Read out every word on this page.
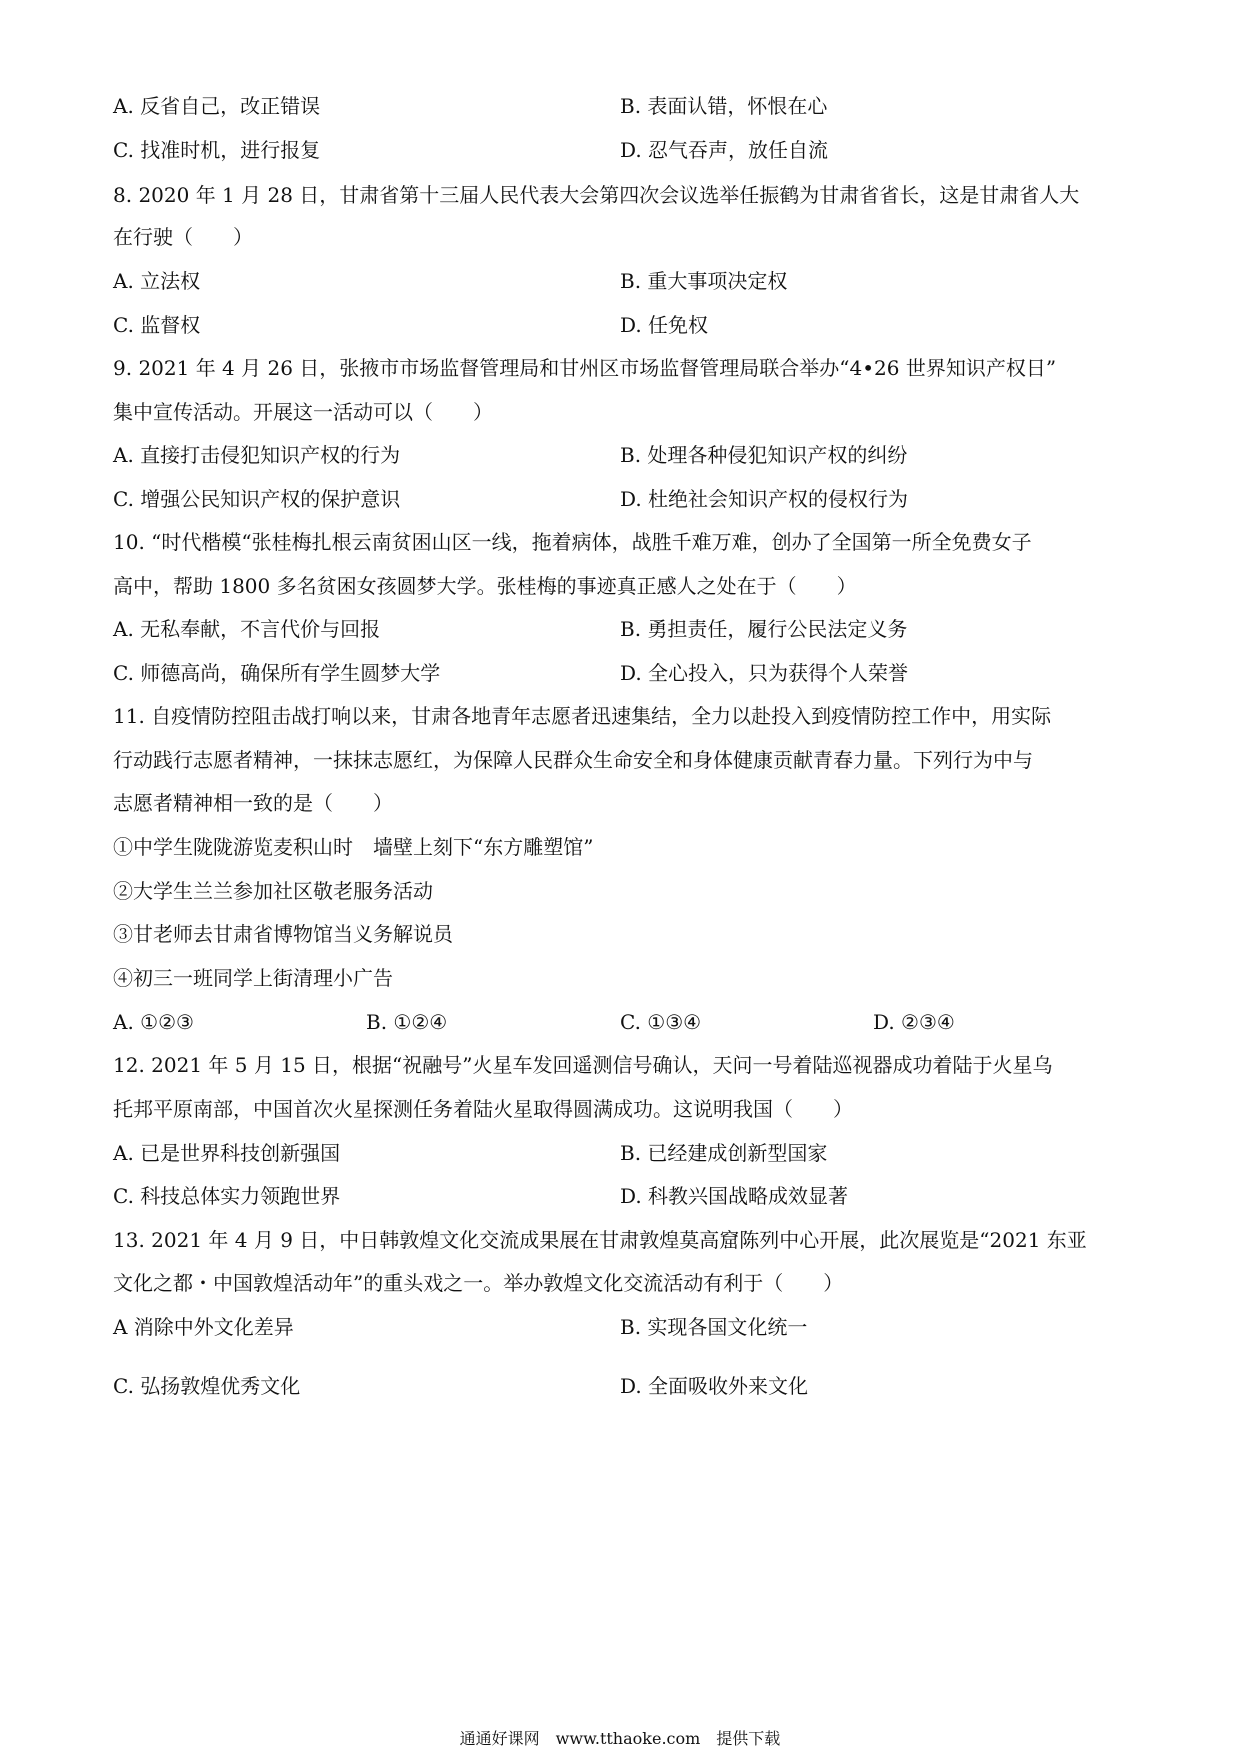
A. 反省自己，改正错误	B. 表面认错，怀恨在心
C. 找准时机，进行报复	D. 忍气吞声，放任自流
8. 2020 年 1 月 28 日，甘肃省第十三届人民代表大会第四次会议选举任振鹤为甘肃省省长，这是甘肃省人大
在行驶（　　）
A. 立法权	B. 重大事项决定权
C. 监督权	D. 任免权
9. 2021 年 4 月 26 日，张掖市市场监督管理局和甘州区市场监督管理局联合举办“4•26 世界知识产权日”
集中宣传活动。开展这一活动可以（　　）
A. 直接打击侵犯知识产权的行为	B. 处理各种侵犯知识产权的纠纷
C. 增强公民知识产权的保护意识	D. 杜绝社会知识产权的侵权行为
10. “时代楷模“张桂梅扎根云南贫困山区一线，拖着病体，战胜千难万难，创办了全国第一所全免费女子
高中，帮助 1800 多名贫困女孩圆梦大学。张桂梅的事迹真正感人之处在于（　　）
A. 无私奉献，不言代价与回报	B. 勇担责任，履行公民法定义务
C. 师德高尚，确保所有学生圆梦大学	D. 全心投入，只为获得个人荣誉
11. 自疫情防控阻击战打响以来，甘肃各地青年志愿者迅速集结，全力以赴投入到疫情防控工作中，用实际
行动践行志愿者精神，一抹抹志愿红，为保障人民群众生命安全和身体健康贡献青春力量。下列行为中与
志愿者精神相一致的是（　　）
①中学生陇陇游览麦积山时　墙壁上刻下“东方雕塑馆”
②大学生兰兰参加社区敬老服务活动
③甘老师去甘肃省博物馆当义务解说员
④初三一班同学上街清理小广告
A. ①②③	B. ①②④	C. ①③④	D. ②③④
12. 2021 年 5 月 15 日，根据“祝融号”火星车发回遥测信号确认，天问一号着陆巡视器成功着陆于火星乌
托邦平原南部，中国首次火星探测任务着陆火星取得圆满成功。这说明我国（　　）
A. 已是世界科技创新强国	B. 已经建成创新型国家
C. 科技总体实力领跑世界	D. 科教兴国战略成效显著
13. 2021 年 4 月 9 日，中日韩敦煌文化交流成果展在甘肃敦煌莫高窟陈列中心开展，此次展览是“2021 东亚
文化之都・中国敦煌活动年”的重头戏之一。举办敦煌文化交流活动有利于（　　）
A 消除中外文化差异	B. 实现各国文化统一
C. 弘扬敦煌优秀文化	D. 全面吸收外来文化
通通好课网　www.tthaoke.com　提供下载
